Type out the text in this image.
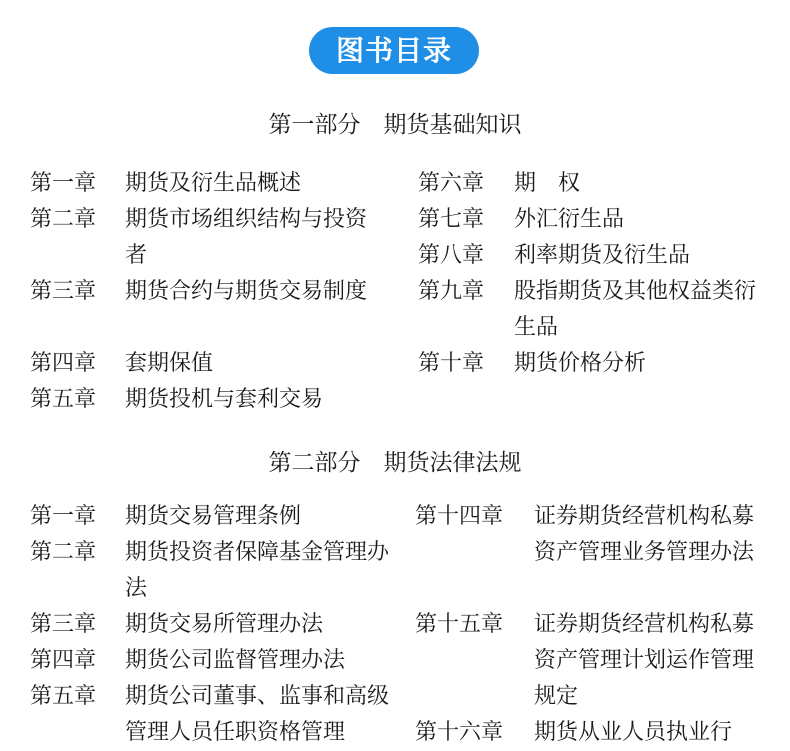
图书目录
第一部分　期货基础知识
第一章 期货及衍生品概述
第二章 期货市场组织结构与投资者
第三章 期货合约与期货交易制度
第四章 套期保值
第五章 期货投机与套利交易
第六章 期　权
第七章 外汇衍生品
第八章 利率期货及衍生品
第九章 股指期货及其他权益类衍生品
第十章 期货价格分析
第二部分　期货法律法规
第一章 期货交易管理条例
第二章 期货投资者保障基金管理办法
第三章 期货交易所管理办法
第四章 期货公司监督管理办法
第五章 期货公司董事、监事和高级管理人员任职资格管理
第十四章 证券期货经营机构私募资产管理业务管理办法
第十五章 证券期货经营机构私募资产管理计划运作管理规定
第十六章 期货从业人员执业行
